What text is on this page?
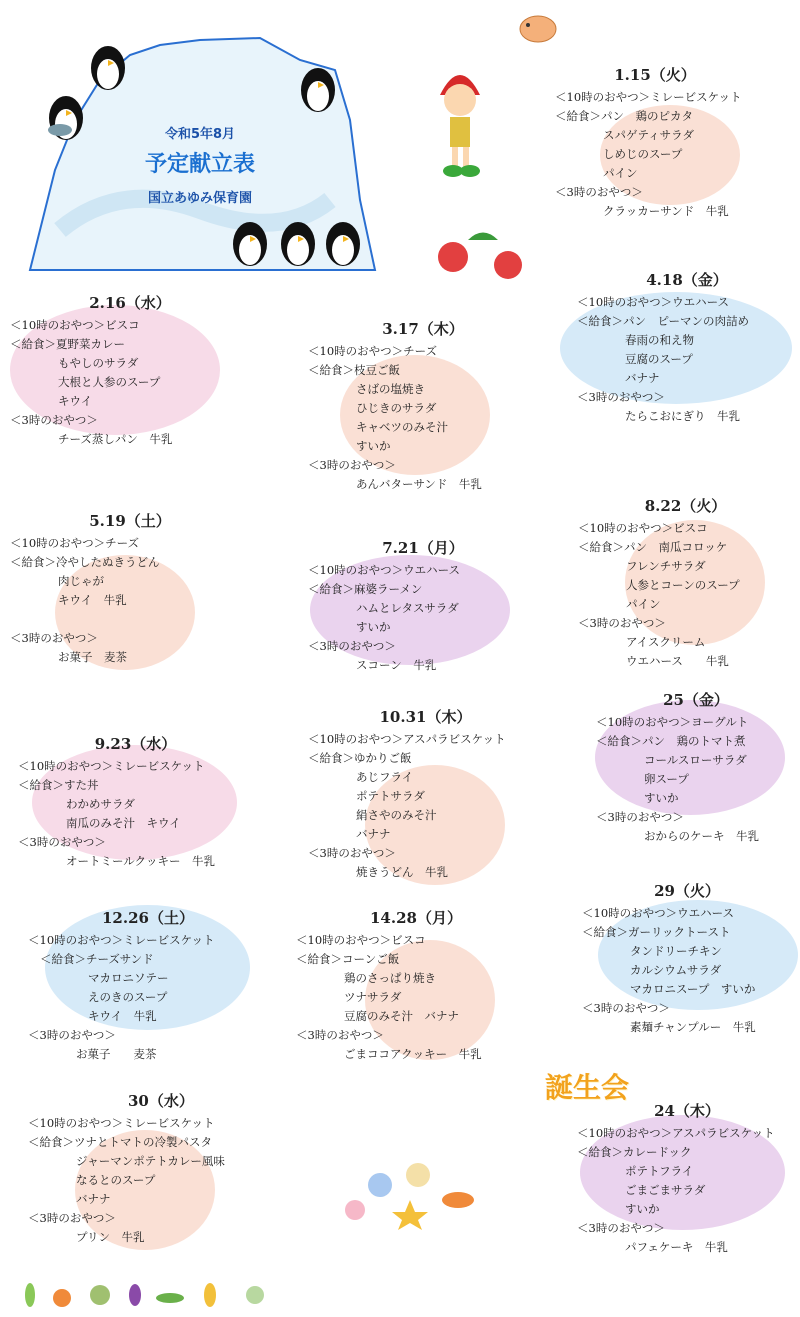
令和5年8月
予定献立表
国立あゆみ保育園
誕生会
1.15（火）
＜10時のおやつ＞ミレービスケット
＜給食＞パン　鶏のピカタ
スパゲティサラダ
しめじのスープ
パイン
＜3時のおやつ＞
クラッカーサンド　牛乳
2.16（水）
＜10時のおやつ＞ビスコ
＜給食＞夏野菜カレー
もやしのサラダ
大根と人参のスープ
キウイ
＜3時のおやつ＞
チーズ蒸しパン　牛乳
3.17（木）
＜10時のおやつ＞チーズ
＜給食＞枝豆ご飯
さばの塩焼き
ひじきのサラダ
キャベツのみそ汁
すいか
＜3時のおやつ＞
あんバターサンド　牛乳
4.18（金）
＜10時のおやつ＞ウエハース
＜給食＞パン　ピーマンの肉詰め
春雨の和え物
豆腐のスープ
バナナ
＜3時のおやつ＞
たらこおにぎり　牛乳
5.19（土）
＜10時のおやつ＞チーズ
＜給食＞冷やしたぬきうどん
肉じゃが
キウイ　牛乳
＜3時のおやつ＞
お菓子　麦茶
7.21（月）
＜10時のおやつ＞ウエハース
＜給食＞麻婆ラーメン
ハムとレタスサラダ
すいか
＜3時のおやつ＞
スコーン　牛乳
8.22（火）
＜10時のおやつ＞ビスコ
＜給食＞パン　南瓜コロッケ
フレンチサラダ
人参とコーンのスープ
パイン
＜3時のおやつ＞
アイスクリーム
ウエハース　　牛乳
9.23（水）
＜10時のおやつ＞ミレービスケット
＜給食＞すた丼
わかめサラダ
南瓜のみそ汁　キウイ
＜3時のおやつ＞
オートミールクッキー　牛乳
10.31（木）
＜10時のおやつ＞アスパラビスケット
＜給食＞ゆかりご飯
あじフライ
ポテトサラダ
絹さやのみそ汁
バナナ
＜3時のおやつ＞
焼きうどん　牛乳
25（金）
＜10時のおやつ＞ヨーグルト
＜給食＞パン　鶏のトマト煮
コールスローサラダ
卵スープ
すいか
＜3時のおやつ＞
おからのケーキ　牛乳
12.26（土）
＜10時のおやつ＞ミレービスケット
＜給食＞チーズサンド
マカロニソテー
えのきのスープ
キウイ　牛乳
＜3時のおやつ＞
お菓子　　麦茶
14.28（月）
＜10時のおやつ＞ビスコ
＜給食＞コーンご飯
鶏のさっぱり焼き
ツナサラダ
豆腐のみそ汁　バナナ
＜3時のおやつ＞
ごまココアクッキー　牛乳
29（火）
＜10時のおやつ＞ウエハース
＜給食＞ガーリックトースト
タンドリーチキン
カルシウムサラダ
マカロニスープ　すいか
＜3時のおやつ＞
素麺チャンプルー　牛乳
30（水）
＜10時のおやつ＞ミレービスケット
＜給食＞ツナとトマトの冷製パスタ
ジャーマンポテトカレー風味
なるとのスープ
バナナ
＜3時のおやつ＞
プリン　牛乳
24（木）
＜10時のおやつ＞アスパラビスケット
＜給食＞カレードック
ポテトフライ
ごまごまサラダ
すいか
＜3時のおやつ＞
パフェケーキ　牛乳
